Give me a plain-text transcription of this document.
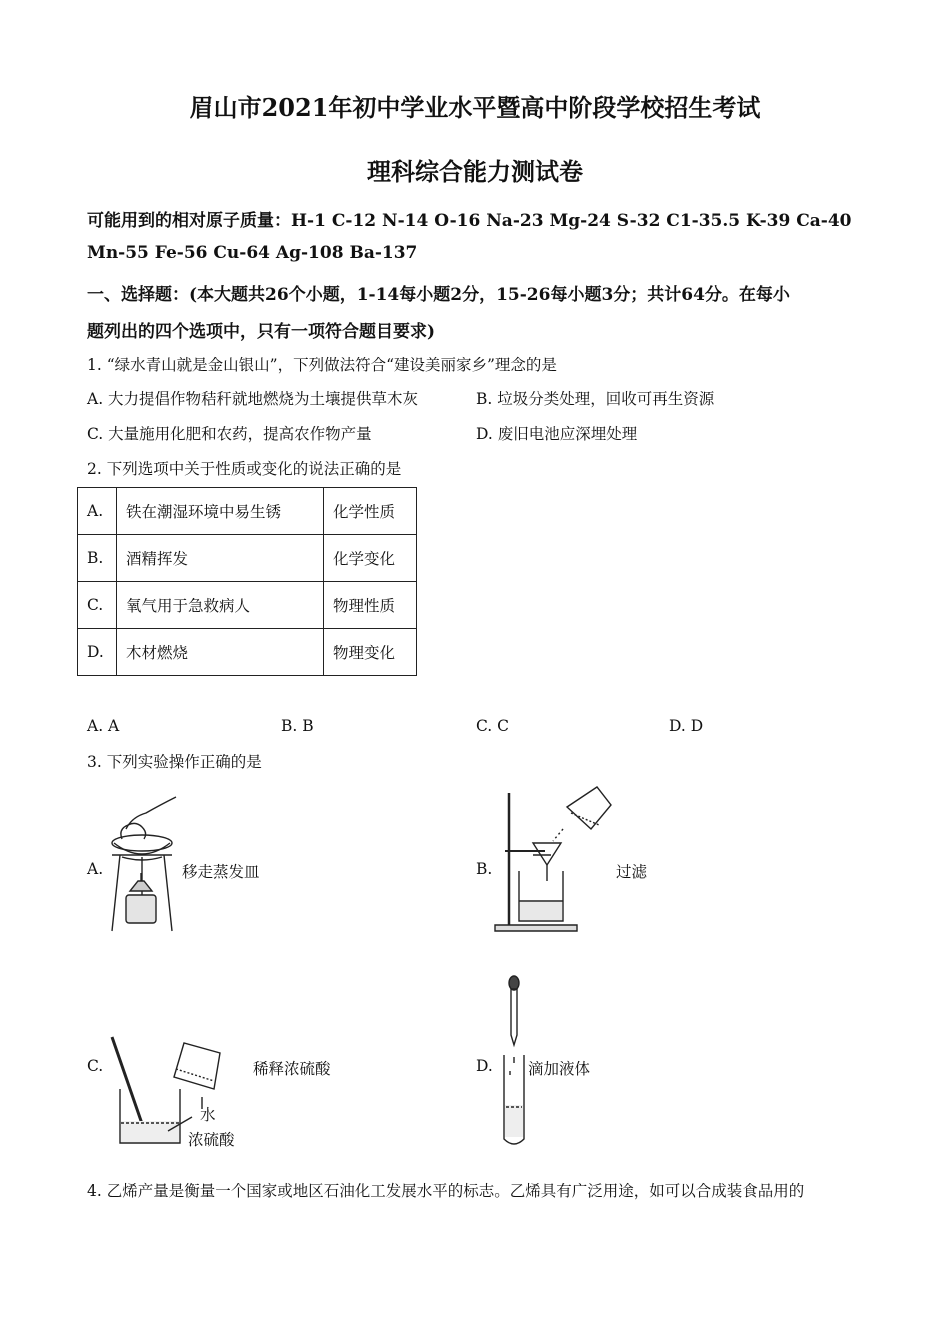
眉山市2021年初中学业水平暨高中阶段学校招生考试
理科综合能力测试卷
可能用到的相对原子质量：H-1 C-12 N-14 O-16 Na-23 Mg-24 S-32 C1-35.5 K-39 Ca-40
Mn-55 Fe-56 Cu-64 Ag-108 Ba-137
一、选择题：(本大题共26个小题，1-14每小题2分，15-26每小题3分；共计64分。在每小
题列出的四个选项中，只有一项符合题目要求)
1. “绿水青山就是金山银山”，下列做法符合“建设美丽家乡”理念的是
A. 大力提倡作物秸秆就地燃烧为土壤提供草木灰	B. 垃圾分类处理，回收可再生资源
C. 大量施用化肥和农药，提高农作物产量	D. 废旧电池应深埋处理
2. 下列选项中关于性质或变化的说法正确的是
A.	铁在潮湿环境中易生锈	化学性质
B.	酒精挥发	化学变化
C.	氧气用于急救病人	物理性质
D.	木材燃烧	物理变化
A. A	B. B	C. C	D. D
3. 下列实验操作正确的是
A.	移走蒸发皿	B.	过滤
C.
水
浓硫酸
稀释浓硫酸	D. 滴加液体
4. 乙烯产量是衡量一个国家或地区石油化工发展水平的标志。乙烯具有广泛用途，如可以合成装食品用的
